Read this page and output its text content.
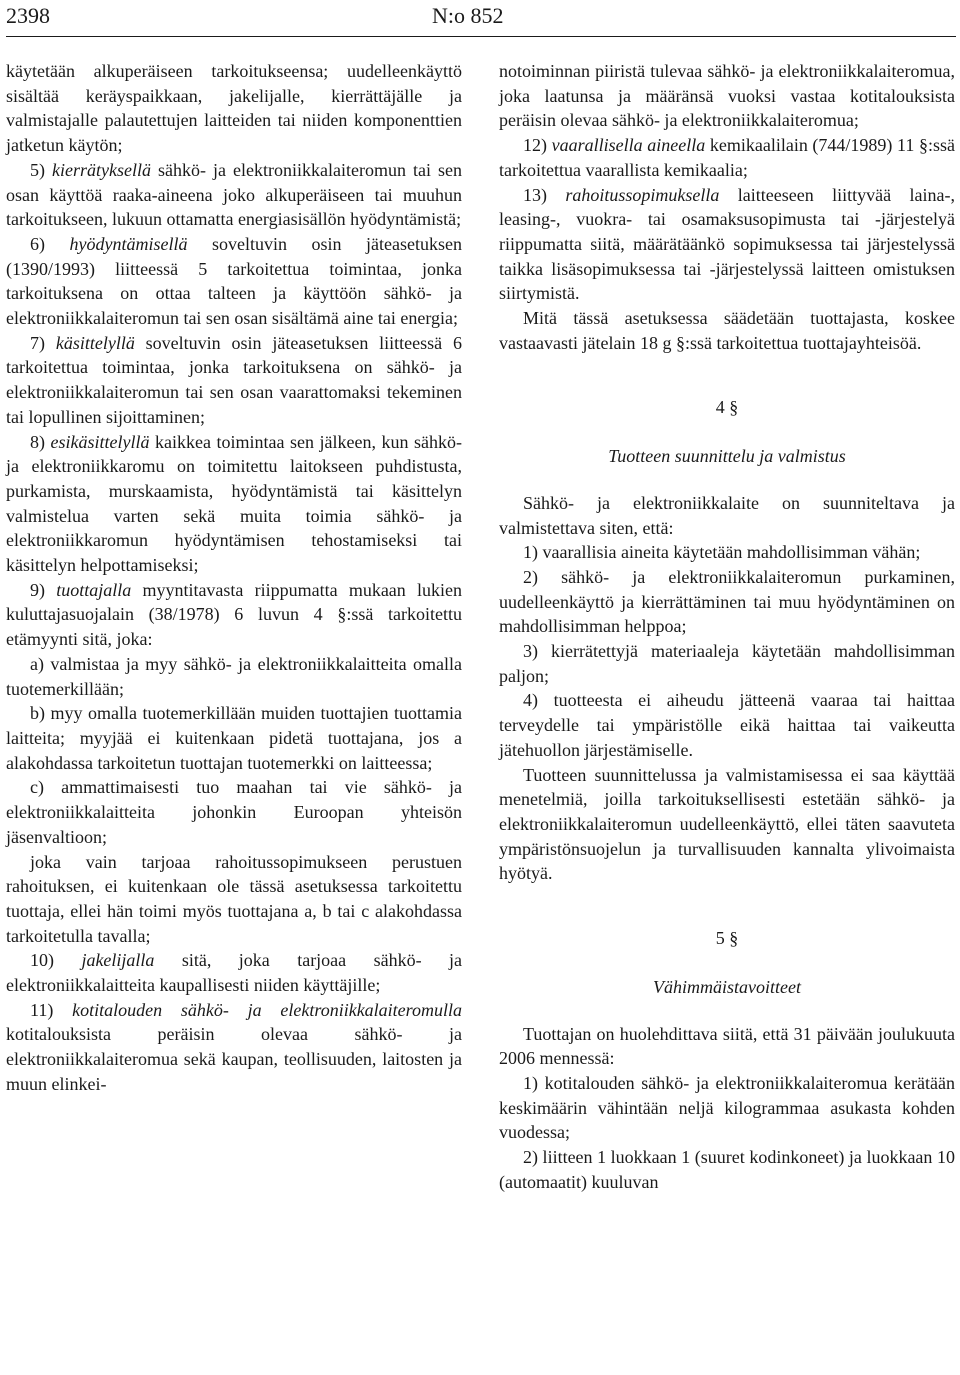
2398	N:o 852

käytetään alkuperäiseen tarkoitukseensa; uudelleenkäyttö sisältää keräyspaikkaan, jakelijalle, kierrättäjälle ja valmistajalle palautettujen laitteiden tai niiden komponenttien jatketun käytön;

5) kierrätyksellä sähkö- ja elektroniikkalaiteromun tai sen osan käyttöä raaka-aineena joko alkuperäiseen tai muuhun tarkoitukseen, lukuun ottamatta energiasisällön hyödyntämistä;

6) hyödyntämisellä soveltuvin osin jäteasetuksen (1390/1993) liitteessä 5 tarkoitettua toimintaa, jonka tarkoituksena on ottaa talteen ja käyttöön sähkö- ja elektroniikkalaiteromun tai sen osan sisältämä aine tai energia;

7) käsittelyllä soveltuvin osin jäteasetuksen liitteessä 6 tarkoitettua toimintaa, jonka tarkoituksena on sähkö- ja elektroniikkalaiteromun tai sen osan vaarattomaksi tekeminen tai lopullinen sijoittaminen;

8) esikäsittelyllä kaikkea toimintaa sen jälkeen, kun sähkö- ja elektroniikkaromu on toimitettu laitokseen puhdistusta, purkamista, murskaamista, hyödyntämistä tai käsittelyn valmistelua varten sekä muita toimia sähkö- ja elektroniikkaromun hyödyntämisen tehostamiseksi tai käsittelyn helpottamiseksi;

9) tuottajalla myyntitavasta riippumatta mukaan lukien kuluttajasuojalain (38/1978) 6 luvun 4 §:ssä tarkoitettu etämyynti sitä, joka:

a) valmistaa ja myy sähkö- ja elektroniikkalaitteita omalla tuotemerkillään;

b) myy omalla tuotemerkillään muiden tuottajien tuottamia laitteita; myyjää ei kuitenkaan pidetä tuottajana, jos a alakohdassa tarkoitetun tuottajan tuotemerkki on laitteessa;

c) ammattimaisesti tuo maahan tai vie sähkö- ja elektroniikkalaitteita johonkin Euroopan yhteisön jäsenvaltioon;

joka vain tarjoaa rahoitussopimukseen perustuen rahoituksen, ei kuitenkaan ole tässä asetuksessa tarkoitettu tuottaja, ellei hän toimi myös tuottajana a, b tai c alakohdassa tarkoitetulla tavalla;

10) jakelijalla sitä, joka tarjoaa sähkö- ja elektroniikkalaitteita kaupallisesti niiden käyttäjille;

11) kotitalouden sähkö- ja elektroniikkalaiteromulla kotitalouksista peräisin olevaa sähkö- ja elektroniikkalaiteromua sekä kaupan, teollisuuden, laitosten ja muun elinkei-

notoiminnan piiristä tulevaa sähkö- ja elektroniikkalaiteromua, joka laatunsa ja määränsä vuoksi vastaa kotitalouksista peräisin olevaa sähkö- ja elektroniikkalaiteromua;

12) vaarallisella aineella kemikaalilain (744/1989) 11 §:ssä tarkoitettua vaarallista kemikaalia;

13) rahoitussopimuksella laitteeseen liittyvää laina-, leasing-, vuokra- tai osamaksusopimusta tai -järjestelyä riippumatta siitä, määrätäänkö sopimuksessa tai järjestelyssä taikka lisäsopimuksessa tai -järjestelyssä laitteen omistuksen siirtymistä.

Mitä tässä asetuksessa säädetään tuottajasta, koskee vastaavasti jätelain 18 g §:ssä tarkoitettua tuottajayhteisöä.

4 §
Tuotteen suunnittelu ja valmistus

Sähkö- ja elektroniikkalaite on suunniteltava ja valmistettava siten, että:

1) vaarallisia aineita käytetään mahdollisimman vähän;

2) sähkö- ja elektroniikkalaiteromun purkaminen, uudelleenkäyttö ja kierrättäminen tai muu hyödyntäminen on mahdollisimman helppoa;

3) kierrätettyjä materiaaleja käytetään mahdollisimman paljon;

4) tuotteesta ei aiheudu jätteenä vaaraa tai haittaa terveydelle tai ympäristölle eikä haittaa tai vaikeutta jätehuollon järjestämiselle.

Tuotteen suunnittelussa ja valmistamisessa ei saa käyttää menetelmiä, joilla tarkoituksellisesti estetään sähkö- ja elektroniikkalaiteromun uudelleenkäyttö, ellei täten saavuteta ympäristönsuojelun ja turvallisuuden kannalta ylivoimaista hyötyä.

5 §
Vähimmäistavoitteet

Tuottajan on huolehdittava siitä, että 31 päivään joulukuuta 2006 mennessä:

1) kotitalouden sähkö- ja elektroniikkalaiteromua kerätään keskimäärin vähintään neljä kilogrammaa asukasta kohden vuodessa;

2) liitteen 1 luokkaan 1 (suuret kodinkoneet) ja luokkaan 10 (automaatit) kuuluvan
